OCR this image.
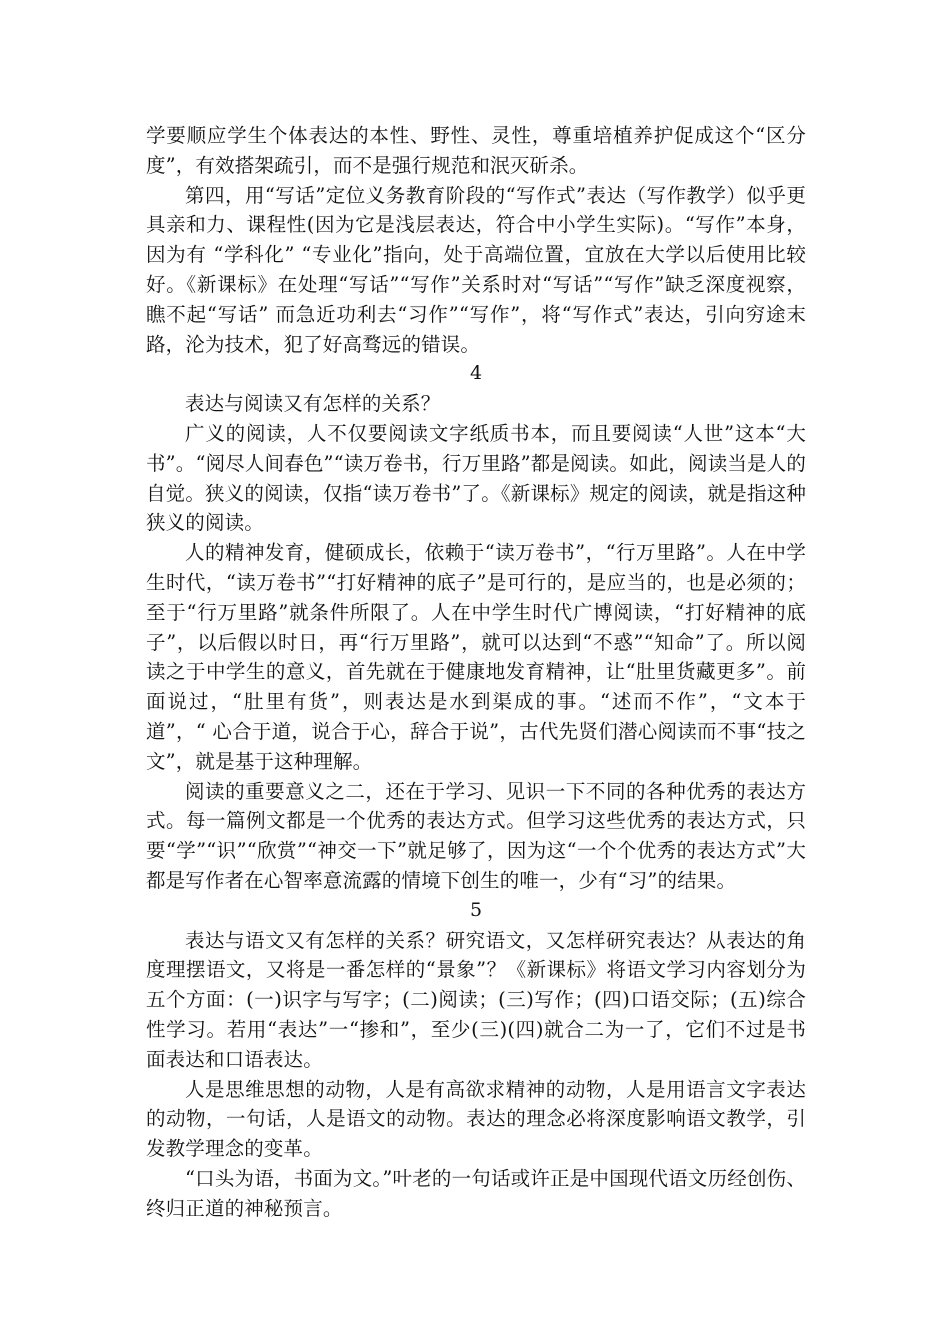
学要顺应学生个体表达的本性、野性、灵性，尊重培植养护促成这个“区分度”，有效搭架疏引，而不是强行规范和泯灭斫杀。

第四，用“写话”定位义务教育阶段的“写作式”表达（写作教学）似乎更具亲和力、课程性(因为它是浅层表达，符合中小学生实际)。“写作”本身，因为有 “学科化” “专业化”指向，处于高端位置，宜放在大学以后使用比较好。《新课标》在处理“写话”“写作”关系时对“写话”“写作”缺乏深度视察，瞧不起“写话” 而急近功利去“习作”“写作”，将“写作式”表达，引向穷途末路，沦为技术，犯了好高骛远的错误。

4

表达与阅读又有怎样的关系？

广义的阅读，人不仅要阅读文字纸质书本，而且要阅读“人世”这本“大书”。“阅尽人间春色”“读万卷书，行万里路”都是阅读。如此，阅读当是人的自觉。狭义的阅读，仅指“读万卷书”了。《新课标》规定的阅读，就是指这种狭义的阅读。

人的精神发育，健硕成长，依赖于“读万卷书”，“行万里路”。人在中学生时代，“读万卷书”“打好精神的底子”是可行的，是应当的，也是必须的；至于“行万里路”就条件所限了。人在中学生时代广博阅读，“打好精神的底子”，以后假以时日，再“行万里路”，就可以达到“不惑”“知命”了。所以阅读之于中学生的意义，首先就在于健康地发育精神，让“肚里货藏更多”。前面说过，“肚里有货”，则表达是水到渠成的事。“述而不作”，“文本于道”，“ 心合于道，说合于心，辞合于说”，古代先贤们潜心阅读而不事“技之文”，就是基于这种理解。

阅读的重要意义之二，还在于学习、见识一下不同的各种优秀的表达方式。每一篇例文都是一个优秀的表达方式。但学习这些优秀的表达方式，只要“学”“识”“欣赏”“神交一下”就足够了，因为这“一个个优秀的表达方式”大都是写作者在心智率意流露的情境下创生的唯一，少有“习”的结果。

5

表达与语文又有怎样的关系？研究语文，又怎样研究表达？从表达的角度理摆语文，又将是一番怎样的“景象”？《新课标》将语文学习内容划分为五个方面：(一)识字与写字；(二)阅读；(三)写作；(四)口语交际；(五)综合性学习。若用“表达”一“掺和”，至少(三)(四)就合二为一了，它们不过是书面表达和口语表达。

人是思维思想的动物，人是有高欲求精神的动物，人是用语言文字表达的动物，一句话，人是语文的动物。表达的理念必将深度影响语文教学，引发教学理念的变革。

“口头为语，书面为文。”叶老的一句话或许正是中国现代语文历经创伤、终归正道的神秘预言。
